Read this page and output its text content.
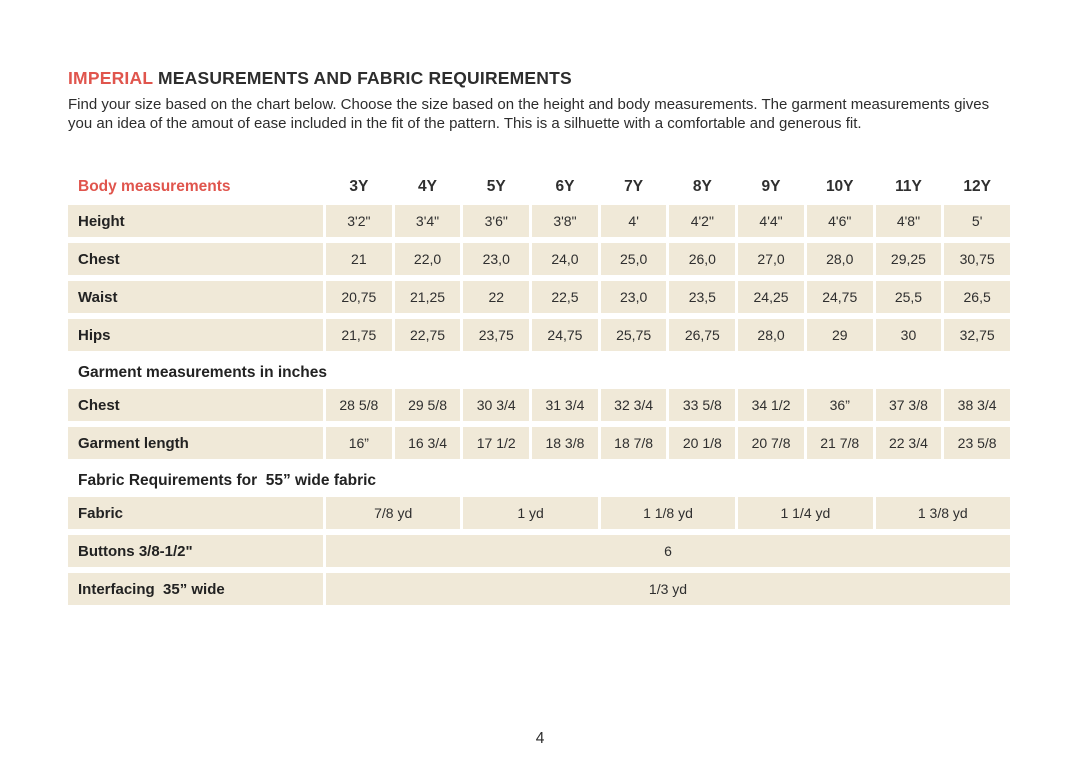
IMPERIAL MEASUREMENTS AND FABRIC REQUIREMENTS

Find your size based on the chart below. Choose the size based on the height and body measurements. The garment measurements gives you an idea of the amout of ease included in the fit of the pattern. This is a silhuette with a comfortable and generous fit.

Body measurements	3Y	4Y	5Y	6Y	7Y	8Y	9Y	10Y	11Y	12Y
Height	3'2"	3'4"	3'6"	3'8"	4'	4'2"	4'4"	4'6"	4'8"	5'
Chest	21	22,0	23,0	24,0	25,0	26,0	27,0	28,0	29,25	30,75
Waist	20,75	21,25	22	22,5	23,0	23,5	24,25	24,75	25,5	26,5
Hips	21,75	22,75	23,75	24,75	25,75	26,75	28,0	29	30	32,75
Garment measurements in inches
Chest	28 5/8	29 5/8	30 3/4	31 3/4	32 3/4	33 5/8	34 1/2	36”	37 3/8	38 3/4
Garment length	16”	16 3/4	17 1/2	18 3/8	18 7/8	20 1/8	20 7/8	21 7/8	22 3/4	23 5/8
Fabric Requirements for  55” wide fabric
Fabric	7/8 yd	1 yd	1 1/8 yd	1 1/4 yd	1 3/8 yd
Buttons 3/8-1/2"	6
Interfacing  35” wide	1/3 yd
4
